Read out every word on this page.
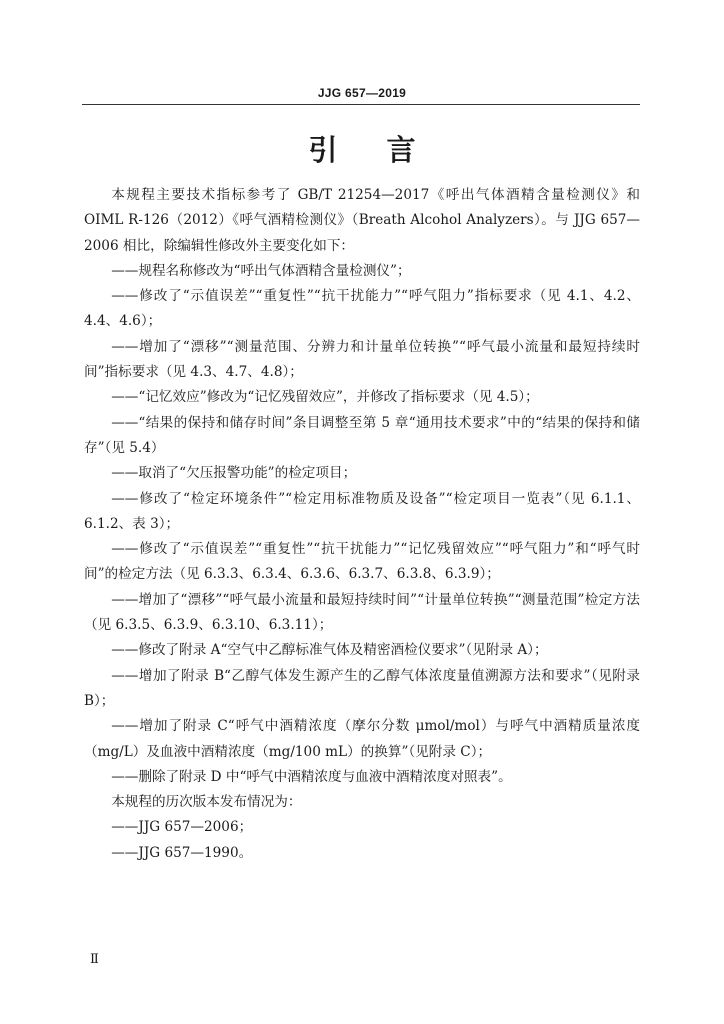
JJG 657—2019
引 言

本规程主要技术指标参考了 GB/T 21254—2017《呼出气体酒精含量检测仪》和 OIML R-126（2012）《呼气酒精检测仪》（Breath Alcohol Analyzers）。与 JJG 657—2006 相比，除编辑性修改外主要变化如下：

——规程名称修改为“呼出气体酒精含量检测仪”；

——修改了“示值误差”“重复性”“抗干扰能力”“呼气阻力”指标要求（见 4.1、4.2、4.4、4.6）；

——增加了“漂移”“测量范围、分辨力和计量单位转换”“呼气最小流量和最短持续时间”指标要求（见 4.3、4.7、4.8）；

——“记忆效应”修改为“记忆残留效应”，并修改了指标要求（见 4.5）；

——“结果的保持和储存时间”条目调整至第 5 章“通用技术要求”中的“结果的保持和储存”（见 5.4）

——取消了“欠压报警功能”的检定项目；

——修改了“检定环境条件”“检定用标准物质及设备”“检定项目一览表”（见 6.1.1、6.1.2、表 3）；

——修改了“示值误差”“重复性”“抗干扰能力”“记忆残留效应”“呼气阻力”和“呼气时间”的检定方法（见 6.3.3、6.3.4、6.3.6、6.3.7、6.3.8、6.3.9）；

——增加了“漂移”“呼气最小流量和最短持续时间”“计量单位转换”“测量范围”检定方法（见 6.3.5、6.3.9、6.3.10、6.3.11）；

——修改了附录 A“空气中乙醇标准气体及精密酒检仪要求”（见附录 A）；

——增加了附录 B“乙醇气体发生源产生的乙醇气体浓度量值溯源方法和要求”（见附录 B）；

——增加了附录 C“呼气中酒精浓度（摩尔分数 μmol/mol）与呼气中酒精质量浓度（mg/L）及血液中酒精浓度（mg/100 mL）的换算”（见附录 C）；

——删除了附录 D 中“呼气中酒精浓度与血液中酒精浓度对照表”。

本规程的历次版本发布情况为：

——JJG 657—2006；

——JJG 657—1990。

Ⅱ
